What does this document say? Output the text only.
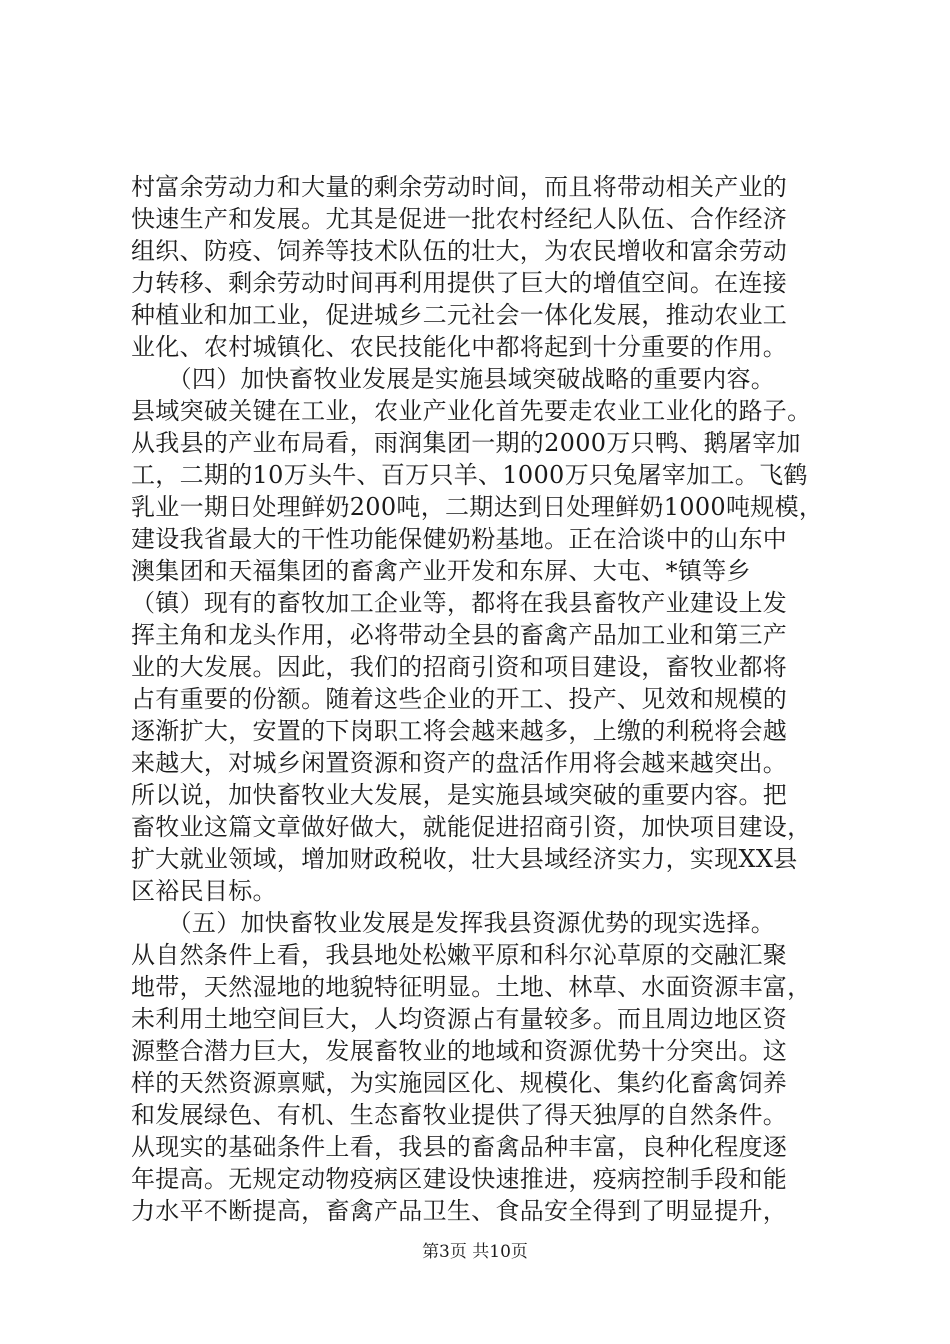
村富余劳动力和大量的剩余劳动时间，而且将带动相关产业的
快速生产和发展。尤其是促进一批农村经纪人队伍、合作经济
组织、防疫、饲养等技术队伍的壮大，为农民增收和富余劳动
力转移、剩余劳动时间再利用提供了巨大的增值空间。在连接
种植业和加工业，促进城乡二元社会一体化发展，推动农业工
业化、农村城镇化、农民技能化中都将起到十分重要的作用。
　　（四）加快畜牧业发展是实施县域突破战略的重要内容。
县域突破关键在工业，农业产业化首先要走农业工业化的路子。
从我县的产业布局看，雨润集团一期的2000万只鸭、鹅屠宰加
工，二期的10万头牛、百万只羊、1000万只兔屠宰加工。飞鹤
乳业一期日处理鲜奶200吨，二期达到日处理鲜奶1000吨规模，
建设我省最大的干性功能保健奶粉基地。正在洽谈中的山东中
澳集团和天福集团的畜禽产业开发和东屏、大屯、*镇等乡
（镇）现有的畜牧加工企业等，都将在我县畜牧产业建设上发
挥主角和龙头作用，必将带动全县的畜禽产品加工业和第三产
业的大发展。因此，我们的招商引资和项目建设，畜牧业都将
占有重要的份额。随着这些企业的开工、投产、见效和规模的
逐渐扩大，安置的下岗职工将会越来越多，上缴的利税将会越
来越大，对城乡闲置资源和资产的盘活作用将会越来越突出。
所以说，加快畜牧业大发展，是实施县域突破的重要内容。把
畜牧业这篇文章做好做大，就能促进招商引资，加快项目建设，
扩大就业领域，增加财政税收，壮大县域经济实力，实现XX县
区裕民目标。
　　（五）加快畜牧业发展是发挥我县资源优势的现实选择。
从自然条件上看，我县地处松嫩平原和科尔沁草原的交融汇聚
地带，天然湿地的地貌特征明显。土地、林草、水面资源丰富，
未利用土地空间巨大，人均资源占有量较多。而且周边地区资
源整合潜力巨大，发展畜牧业的地域和资源优势十分突出。这
样的天然资源禀赋，为实施园区化、规模化、集约化畜禽饲养
和发展绿色、有机、生态畜牧业提供了得天独厚的自然条件。
从现实的基础条件上看，我县的畜禽品种丰富，良种化程度逐
年提高。无规定动物疫病区建设快速推进，疫病控制手段和能
力水平不断提高，畜禽产品卫生、食品安全得到了明显提升，
第3页 共10页
